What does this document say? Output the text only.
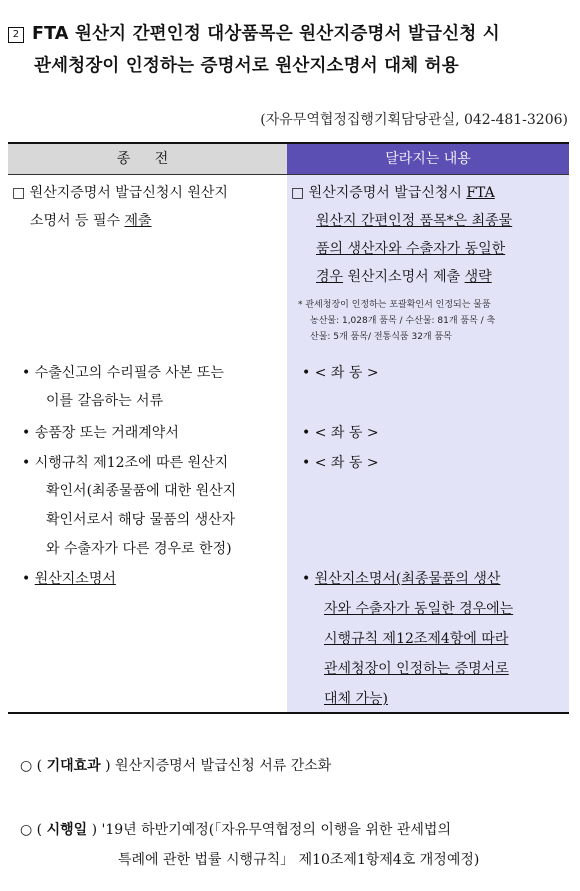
2 FTA 원산지 간편인정 대상품목은 원산지증명서 발급신청 시
관세청장이 인정하는 증명서로 원산지소명서 대체 허용
(자유무역협정집행기획담당관실, 042-481-3206)
종 전	달라지는 내용
□ 원산지증명서 발급신청시 원산지
소명서 등 필수 제출
• 수출신고의 수리필증 사본 또는
이를 갈음하는 서류
• 송품장 또는 거래계약서
• 시행규칙 제12조에 따른 원산지
확인서(최종물품에 대한 원산지
확인서로서 해당 물품의 생산자
와 수출자가 다른 경우로 한정)
• 원산지소명서
□ 원산지증명서 발급신청시 FTA
원산지 간편인정 품목*은 최종물
품의 생산자와 수출자가 동일한
경우 원산지소명서 제출 생략
* 관세청장이 인정하는 포괄확인서 인정되는 물품
농산물: 1,028개 품목 / 수산물: 81개 품목 / 축
산물: 5개 품목/ 전통식품 32개 품목
• < 좌 동 >
• < 좌 동 >
• < 좌 동 >
• 원산지소명서(최종물품의 생산
자와 수출자가 동일한 경우에는
시행규칙 제12조제4항에 따라
관세청장이 인정하는 증명서로
대체 가능)
○ ( 기대효과 ) 원산지증명서 발급신청 서류 간소화
○ ( 시행일 ) '19년 하반기예정(「자유무역협정의 이행을 위한 관세법의
특례에 관한 법률 시행규칙」 제10조제1항제4호 개정예정)
